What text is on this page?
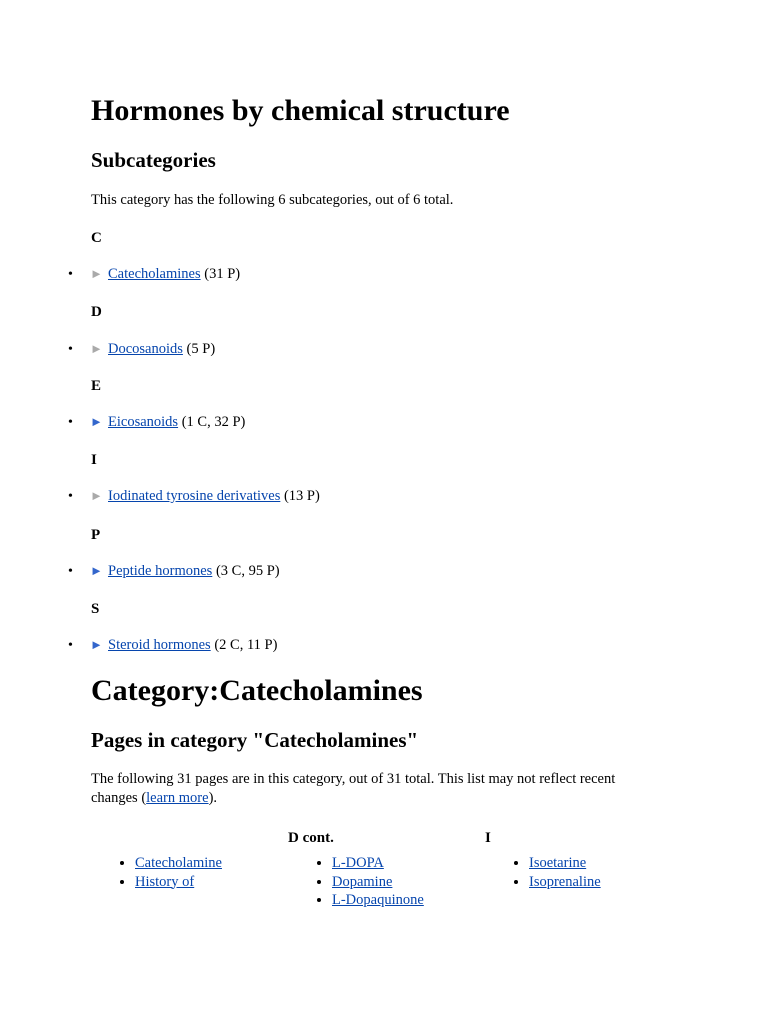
Hormones by chemical structure
Subcategories

This category has the following 6 subcategories, out of 6 total.

C

• ► Catecholamines (31 P)

D

• ► Docosanoids (5 P)

E

• ► Eicosanoids (1 C, 32 P)

I

• ► Iodinated tyrosine derivatives (13 P)

P

• ► Peptide hormones (3 C, 95 P)

S

• ► Steroid hormones (2 C, 11 P)
Category:Catecholamines
Pages in category "Catecholamines"

The following 31 pages are in this category, out of 31 total. This list may not reflect recent changes (learn more).

• Catecholamine
• History of
D cont.
• L-DOPA
• Dopamine
• L-Dopaquinone
I
• Isoetarine
• Isoprenaline
